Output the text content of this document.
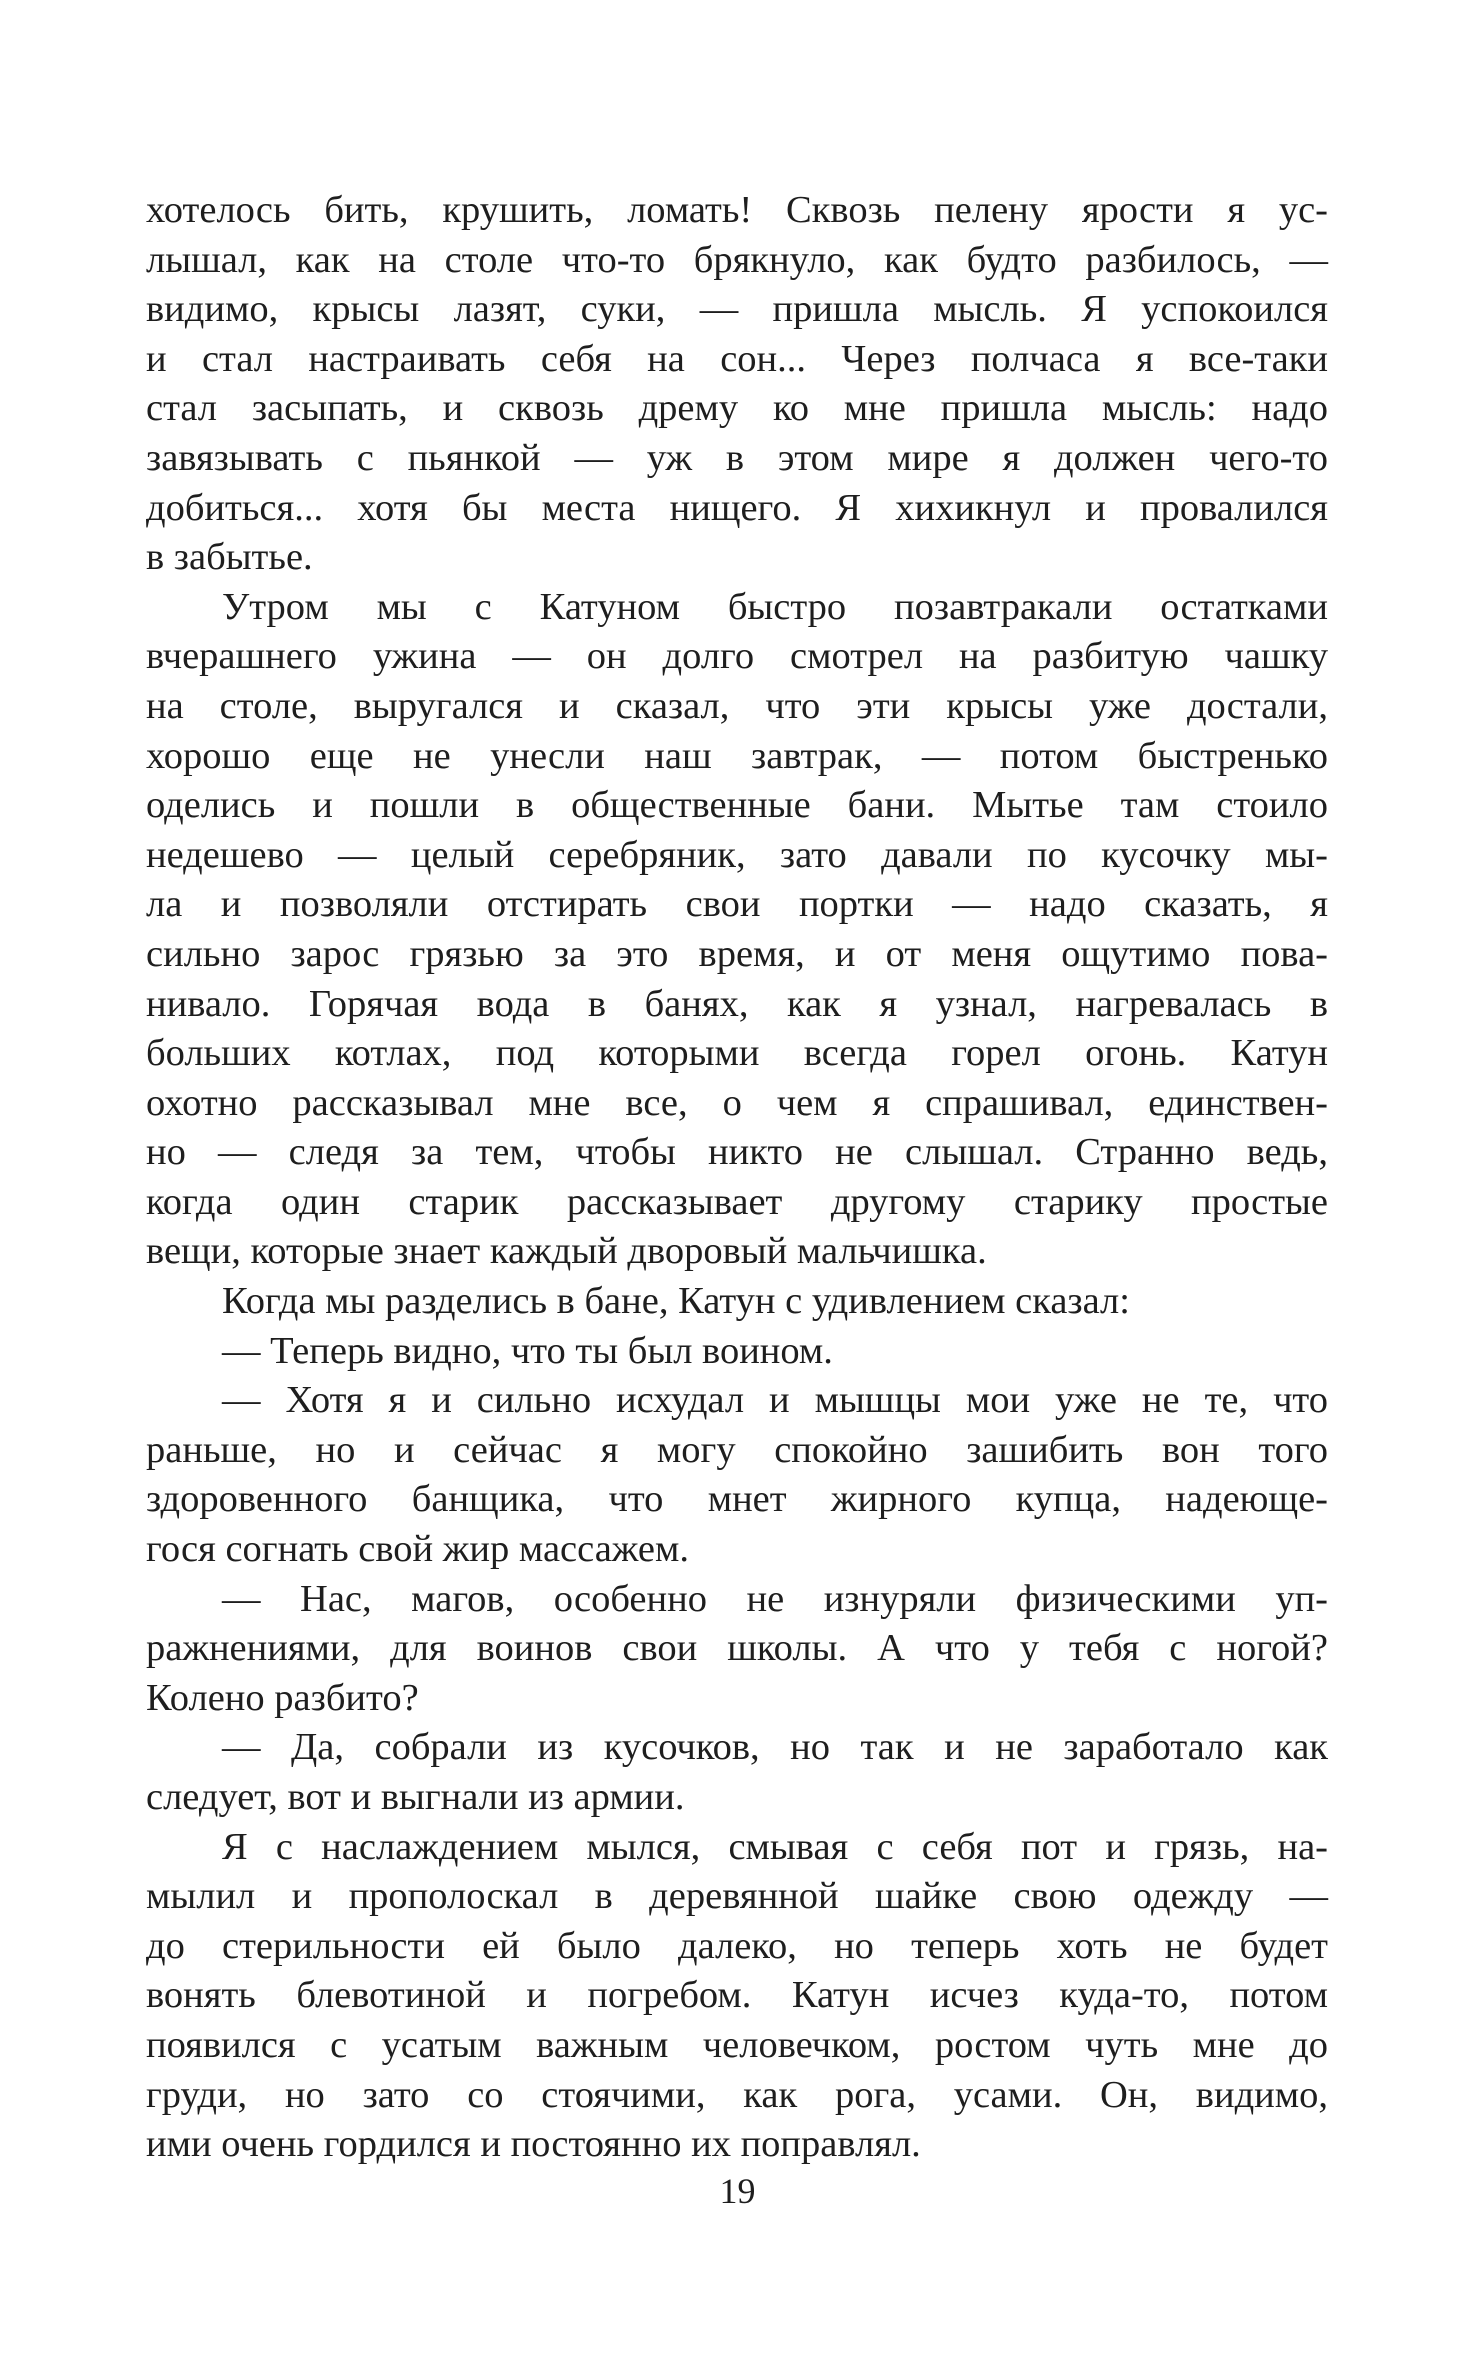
хотелось бить, крушить, ломать! Сквозь пелену ярости я ус-
лышал, как на столе что-то брякнуло, как будто разбилось, —
видимо, крысы лазят, суки, — пришла мысль. Я успокоился
и стал настраивать себя на сон... Через полчаса я все-таки
стал засыпать, и сквозь дрему ко мне пришла мысль: надо
завязывать с пьянкой — уж в этом мире я должен чего-то
добиться... хотя бы места нищего. Я хихикнул и провалился
в забытье.
Утром мы с Катуном быстро позавтракали остатками
вчерашнего ужина — он долго смотрел на разбитую чашку
на столе, выругался и сказал, что эти крысы уже достали,
хорошо еще не унесли наш завтрак, — потом быстренько
оделись и пошли в общественные бани. Мытье там стоило
недешево — целый серебряник, зато давали по кусочку мы-
ла и позволяли отстирать свои портки — надо сказать, я
сильно зарос грязью за это время, и от меня ощутимо пова-
нивало. Горячая вода в банях, как я узнал, нагревалась в
больших котлах, под которыми всегда горел огонь. Катун
охотно рассказывал мне все, о чем я спрашивал, единствен-
но — следя за тем, чтобы никто не слышал. Странно ведь,
когда один старик рассказывает другому старику простые
вещи, которые знает каждый дворовый мальчишка.
Когда мы разделись в бане, Катун с удивлением сказал:
— Теперь видно, что ты был воином.
— Хотя я и сильно исхудал и мышцы мои уже не те, что
раньше, но и сейчас я могу спокойно зашибить вон того
здоровенного банщика, что мнет жирного купца, надеюще-
гося согнать свой жир массажем.
— Нас, магов, особенно не изнуряли физическими уп-
ражнениями, для воинов свои школы. А что у тебя с ногой?
Колено разбито?
— Да, собрали из кусочков, но так и не заработало как
следует, вот и выгнали из армии.
Я с наслаждением мылся, смывая с себя пот и грязь, на-
мылил и прополоскал в деревянной шайке свою одежду —
до стерильности ей было далеко, но теперь хоть не будет
вонять блевотиной и погребом. Катун исчез куда-то, потом
появился с усатым важным человечком, ростом чуть мне до
груди, но зато со стоячими, как рога, усами. Он, видимо,
ими очень гордился и постоянно их поправлял.
19
